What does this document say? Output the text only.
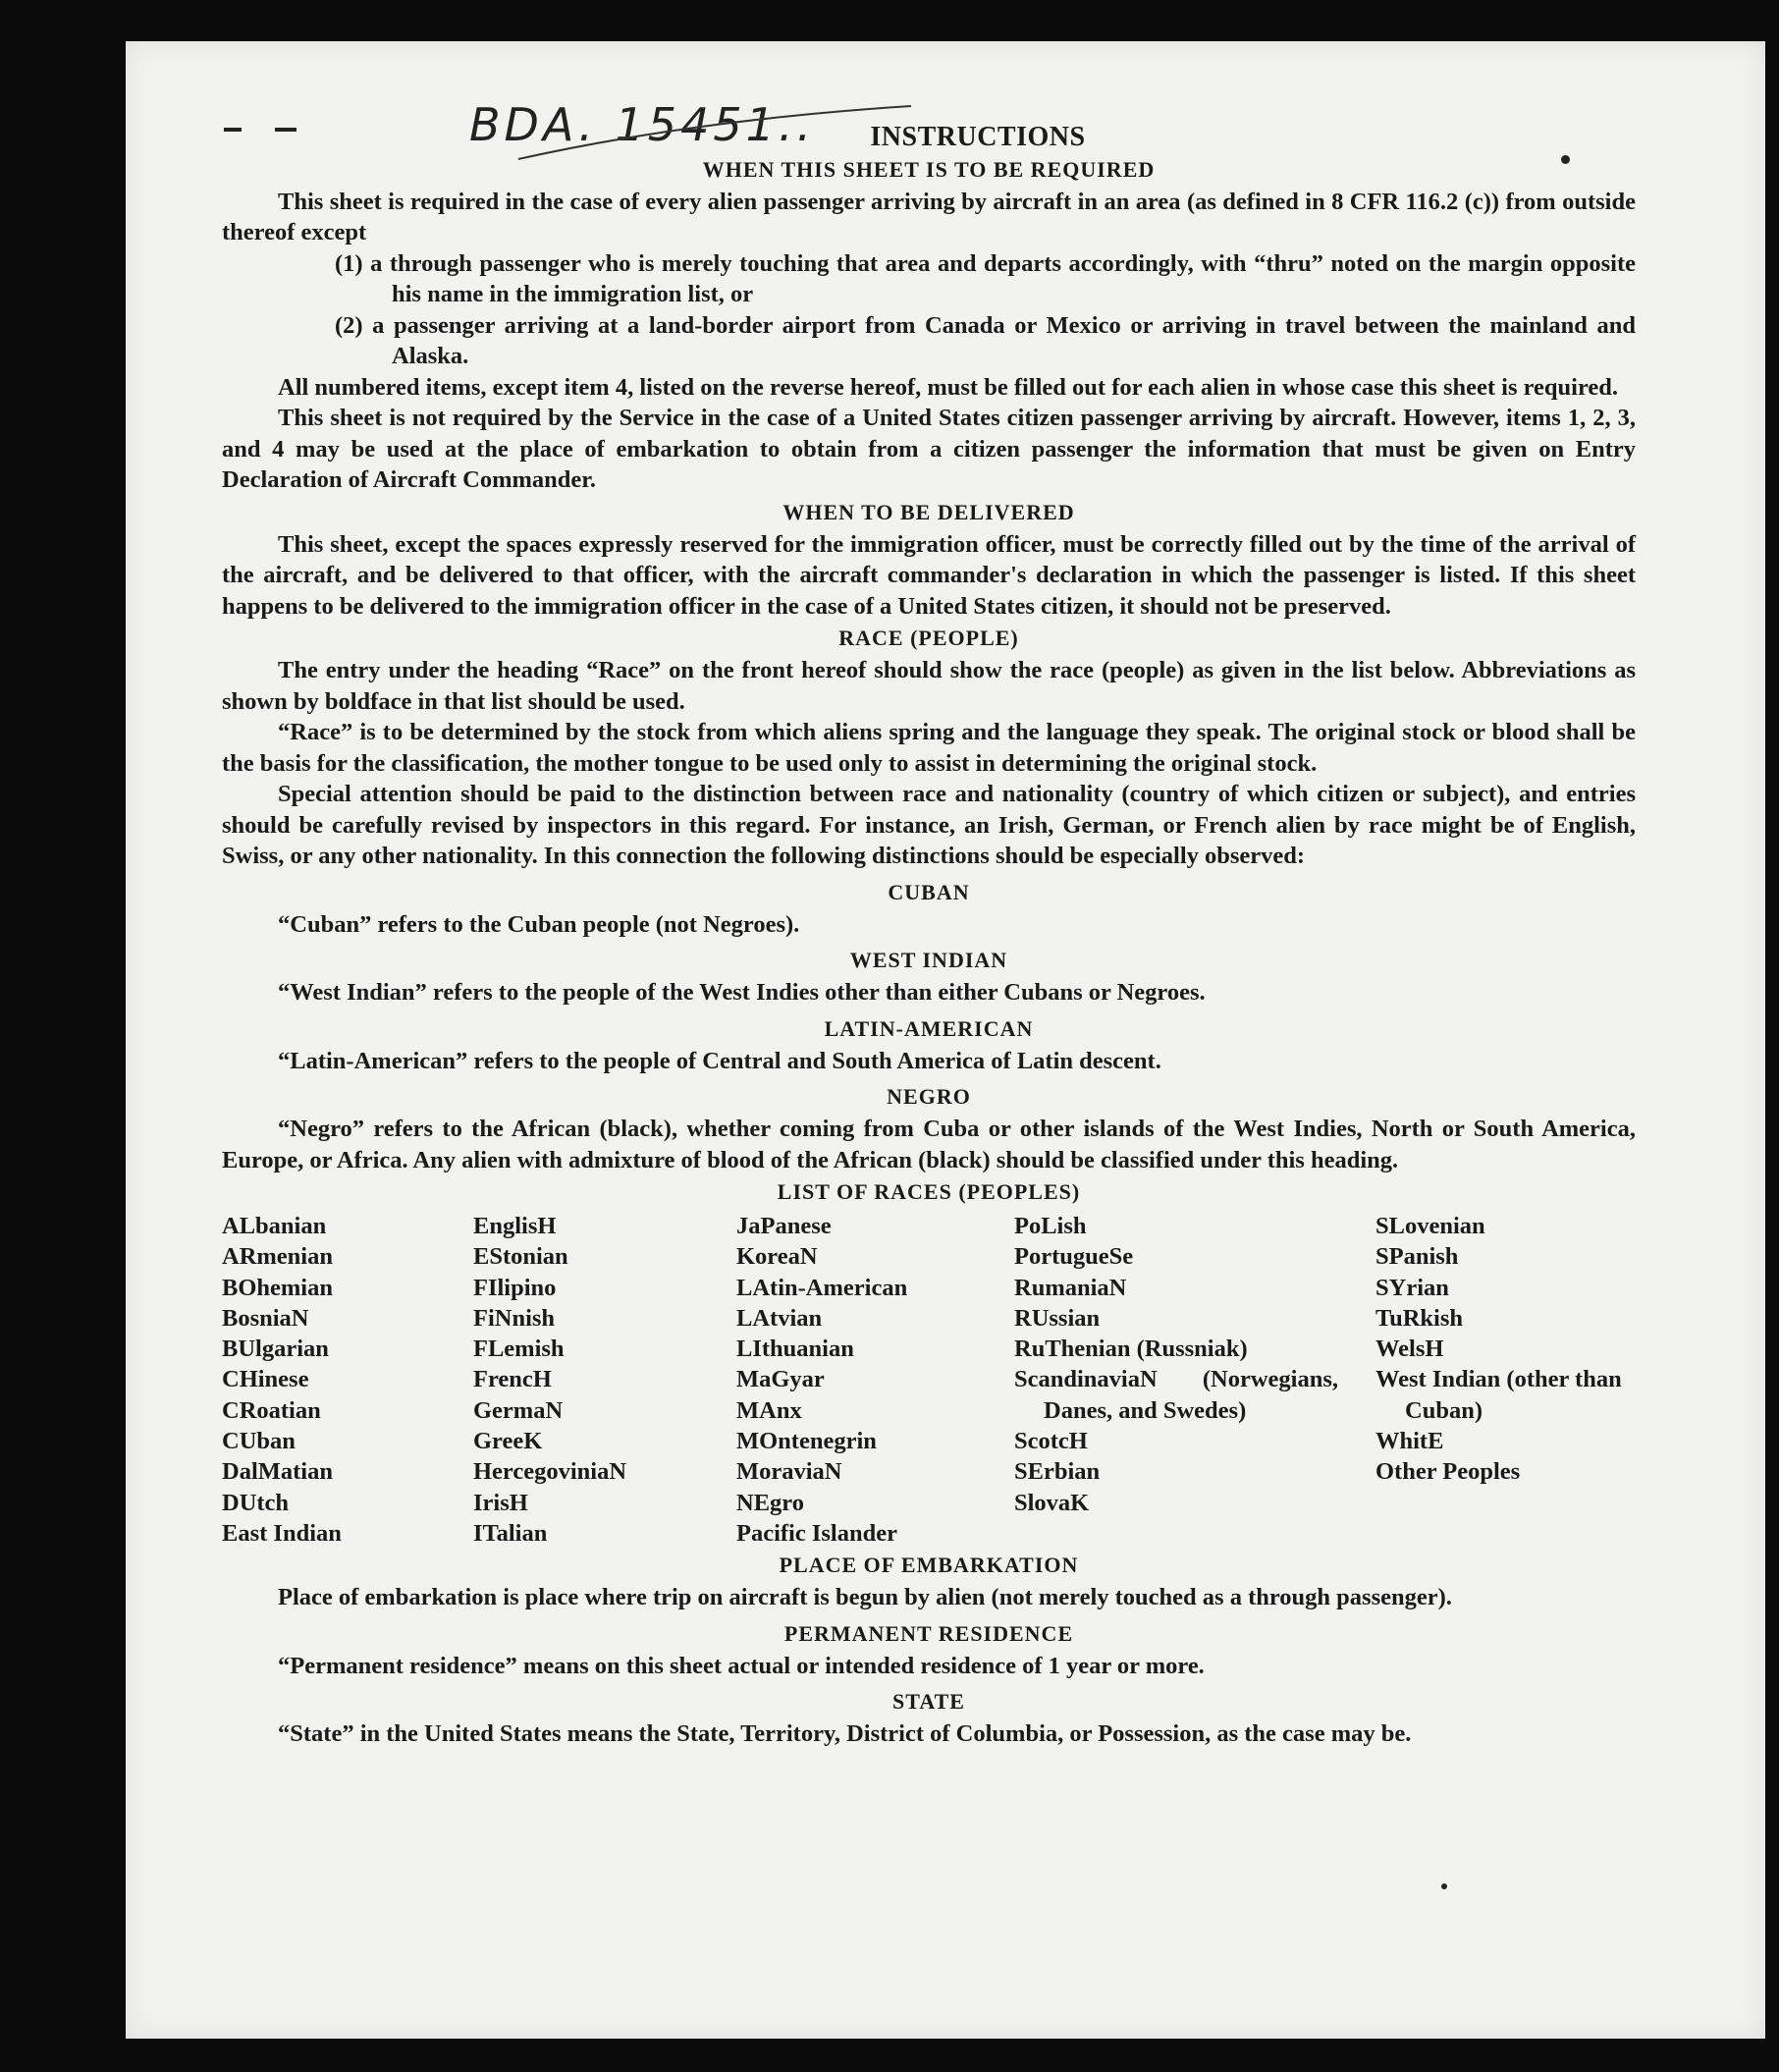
BDA. 15451..	INSTRUCTIONS
WHEN THIS SHEET IS TO BE REQUIRED

This sheet is required in the case of every alien passenger arriving by aircraft in an area (as defined in 8 CFR 116.2 (c)) from outside thereof except

(1) a through passenger who is merely touching that area and departs accordingly, with “thru” noted on the margin opposite his name in the immigration list, or

(2) a passenger arriving at a land-border airport from Canada or Mexico or arriving in travel between the mainland and Alaska.

All numbered items, except item 4, listed on the reverse hereof, must be filled out for each alien in whose case this sheet is required.

This sheet is not required by the Service in the case of a United States citizen passenger arriving by aircraft. However, items 1, 2, 3, and 4 may be used at the place of embarkation to obtain from a citizen passenger the information that must be given on Entry Declaration of Aircraft Commander.

WHEN TO BE DELIVERED

This sheet, except the spaces expressly reserved for the immigration officer, must be correctly filled out by the time of the arrival of the aircraft, and be delivered to that officer, with the aircraft commander's declaration in which the passenger is listed. If this sheet happens to be delivered to the immigration officer in the case of a United States citizen, it should not be preserved.

RACE (PEOPLE)

The entry under the heading “Race” on the front hereof should show the race (people) as given in the list below. Abbreviations as shown by boldface in that list should be used.

“Race” is to be determined by the stock from which aliens spring and the language they speak. The original stock or blood shall be the basis for the classification, the mother tongue to be used only to assist in determining the original stock.

Special attention should be paid to the distinction between race and nationality (country of which citizen or subject), and entries should be carefully revised by inspectors in this regard. For instance, an Irish, German, or French alien by race might be of English, Swiss, or any other nationality. In this connection the following distinctions should be especially observed:

CUBAN

“Cuban” refers to the Cuban people (not Negroes).

WEST INDIAN

“West Indian” refers to the people of the West Indies other than either Cubans or Negroes.

LATIN-AMERICAN

“Latin-American” refers to the people of Central and South America of Latin descent.

NEGRO

“Negro” refers to the African (black), whether coming from Cuba or other islands of the West Indies, North or South America, Europe, or Africa. Any alien with admixture of blood of the African (black) should be classified under this heading.

LIST OF RACES (PEOPLES)
ALbanian
ARmenian
BOhemian
BosniaN
BUlgarian
CHinese
CRoatian
CUban
DalMatian
DUtch
East Indian
EnglisH
EStonian
FIlipino
FiNnish
FLemish
FrencH
GermaN
GreeK
HercegoviniaN
IrisH
ITalian
JaPanese
KoreaN
LAtin-American
LAtvian
LIthuanian
MaGyar
MAnx
MOntenegrin
MoraviaN
NEgro
Pacific Islander
PoLish
PortugueSe
RumaniaN
RUssian
RuThenian (Russniak)
ScandinaviaN (Norwegians, Danes, and Swedes)
ScotcH
SErbian
SlovaK
SLovenian
SPanish
SYrian
TuRkish
WelsH
West Indian (other than Cuban)
WhitE
Other Peoples
PLACE OF EMBARKATION

Place of embarkation is place where trip on aircraft is begun by alien (not merely touched as a through passenger).

PERMANENT RESIDENCE

“Permanent residence” means on this sheet actual or intended residence of 1 year or more.

STATE

“State” in the United States means the State, Territory, District of Columbia, or Possession, as the case may be.
